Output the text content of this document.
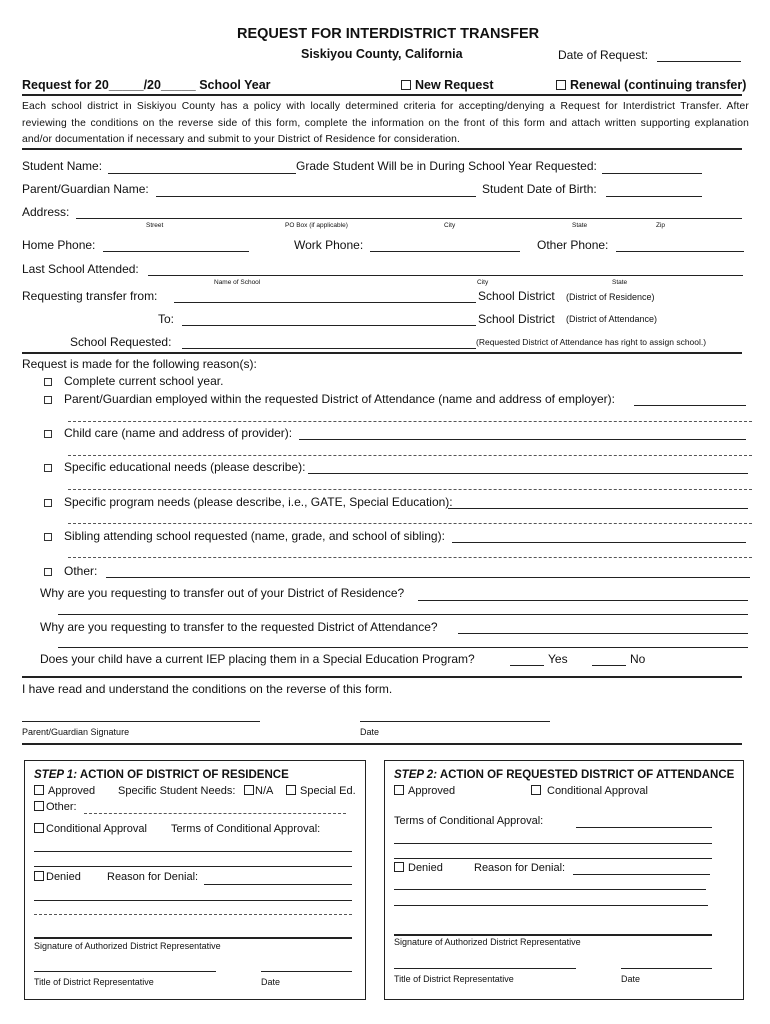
REQUEST FOR INTERDISTRICT TRANSFER
Siskiyou County, California	Date of Request:
Request for 20_____/20_____ School Year	New Request	Renewal (continuing transfer)
Each school district in Siskiyou County has a policy with locally determined criteria for accepting/denying a Request for Interdistrict Transfer. After reviewing the conditions on the reverse side of this form, complete the information on the front of this form and attach written supporting explanation and/or documentation if necessary and submit to your District of Residence for consideration.
Student Name:	Grade Student Will be in During School Year Requested:
Parent/Guardian Name:	Student Date of Birth:
Address:
Street	PO Box (if applicable)	City	State	Zip
Home Phone:	Work Phone:	Other Phone:
Last School Attended:
Name of School	City	State
Requesting transfer from:	School District (District of Residence)
To:	School District (District of Attendance)
School Requested:	(Requested District of Attendance has right to assign school.)
Request is made for the following reason(s):
Complete current school year.
Parent/Guardian employed within the requested District of Attendance (name and address of employer):
Child care (name and address of provider):
Specific educational needs (please describe):
Specific program needs (please describe, i.e., GATE, Special Education):
Sibling attending school requested (name, grade, and school of sibling):
Other:
Why are you requesting to transfer out of your District of Residence?
Why are you requesting to transfer to the requested District of Attendance?
Does your child have a current IEP placing them in a Special Education Program?	Yes	No
I have read and understand the conditions on the reverse of this form.
Parent/Guardian Signature	Date
STEP 1: ACTION OF DISTRICT OF RESIDENCE
Approved Specific Student Needs:	N/A	Special Ed.
Other:
Conditional Approval Terms of Conditional Approval:
Denied Reason for Denial:
Signature of Authorized District Representative
Title of District Representative	Date
STEP 2: ACTION OF REQUESTED DISTRICT OF ATTENDANCE
Approved	Conditional Approval
Terms of Conditional Approval:
Denied	Reason for Denial:
Signature of Authorized District Representative
Title of District Representative	Date
